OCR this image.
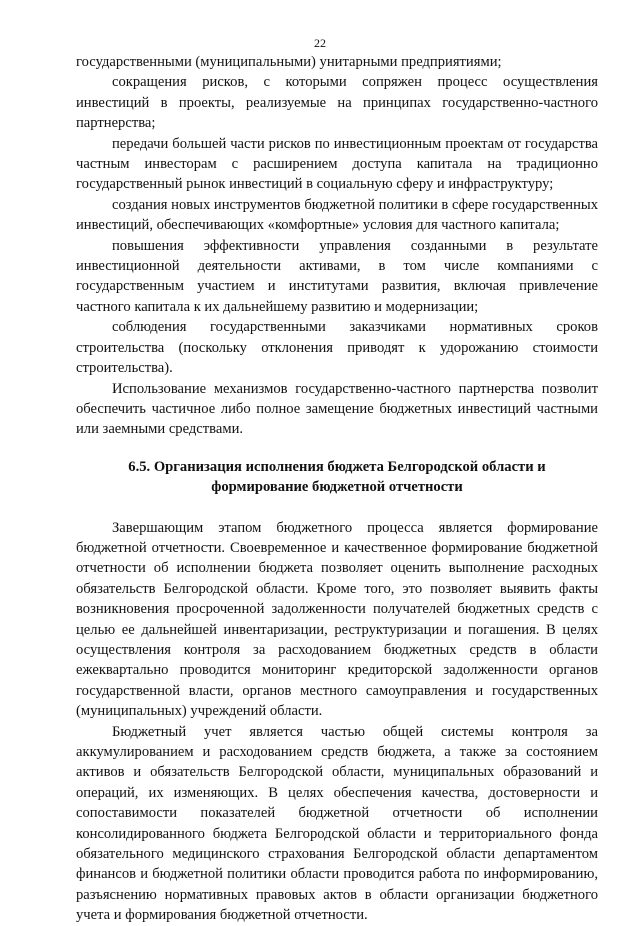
22

государственными (муниципальными) унитарными предприятиями;

сокращения рисков, с которыми сопряжен процесс осуществления инвестиций в проекты, реализуемые на принципах государственно-частного партнерства;

передачи большей части рисков по инвестиционным проектам от государства частным инвесторам с расширением доступа капитала на традиционно государственный рынок инвестиций в социальную сферу и инфраструктуру;

создания новых инструментов бюджетной политики в сфере государственных инвестиций, обеспечивающих «комфортные» условия для частного капитала;

повышения эффективности управления созданными в результате инвестиционной деятельности активами, в том числе компаниями с государственным участием и институтами развития, включая привлечение частного капитала к их дальнейшему развитию и модернизации;

соблюдения государственными заказчиками нормативных сроков строительства (поскольку отклонения приводят к удорожанию стоимости строительства).

Использование механизмов государственно-частного партнерства позволит обеспечить частичное либо полное замещение бюджетных инвестиций частными или заемными средствами.

6.5. Организация исполнения бюджета Белгородской области и
формирование бюджетной отчетности

Завершающим этапом бюджетного процесса является формирование бюджетной отчетности. Своевременное и качественное формирование бюджетной отчетности об исполнении бюджета позволяет оценить выполнение расходных обязательств Белгородской области. Кроме того, это позволяет выявить факты возникновения просроченной задолженности получателей бюджетных средств с целью ее дальнейшей инвентаризации, реструктуризации и погашения. В целях осуществления контроля за расходованием бюджетных средств в области ежеквартально проводится мониторинг кредиторской задолженности органов государственной власти, органов местного самоуправления и государственных (муниципальных) учреждений области.

Бюджетный учет является частью общей системы контроля за аккумулированием и расходованием средств бюджета, а также за состоянием активов и обязательств Белгородской области, муниципальных образований и операций, их изменяющих. В целях обеспечения качества, достоверности и сопоставимости показателей бюджетной отчетности об исполнении консолидированного бюджета Белгородской области и территориального фонда обязательного медицинского страхования Белгородской области департаментом финансов и бюджетной политики области проводится работа по информированию, разъяснению нормативных правовых актов в области организации бюджетного учета и формирования бюджетной отчетности.
